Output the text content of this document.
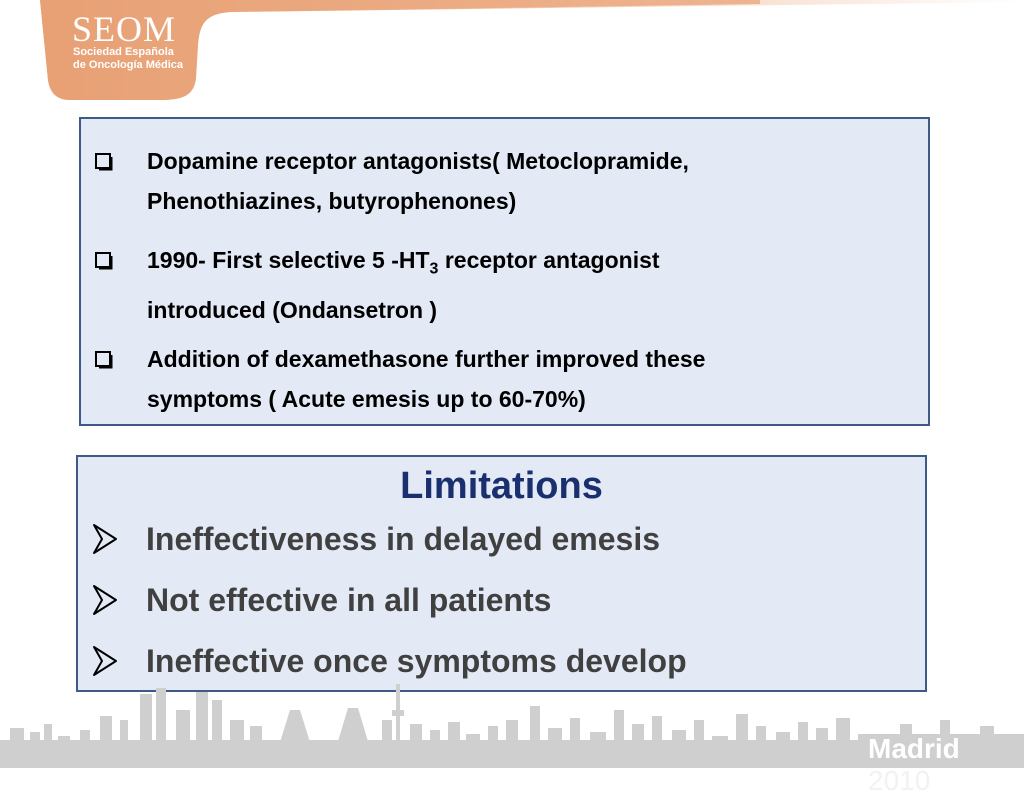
SEOM
Sociedad Española
de Oncología Médica
Dopamine receptor antagonists( Metoclopramide,
Phenothiazines, butyrophenones)
1990- First selective 5 $-HT_3$ receptor antagonist
introduced (Ondansetron )
Addition of dexamethasone further improved these
symptoms ( Acute emesis up to 60-70%)
Limitations
Ineffectiveness in delayed emesis
Not effective in all patients
Ineffective once symptoms develop
Madrid 2010
